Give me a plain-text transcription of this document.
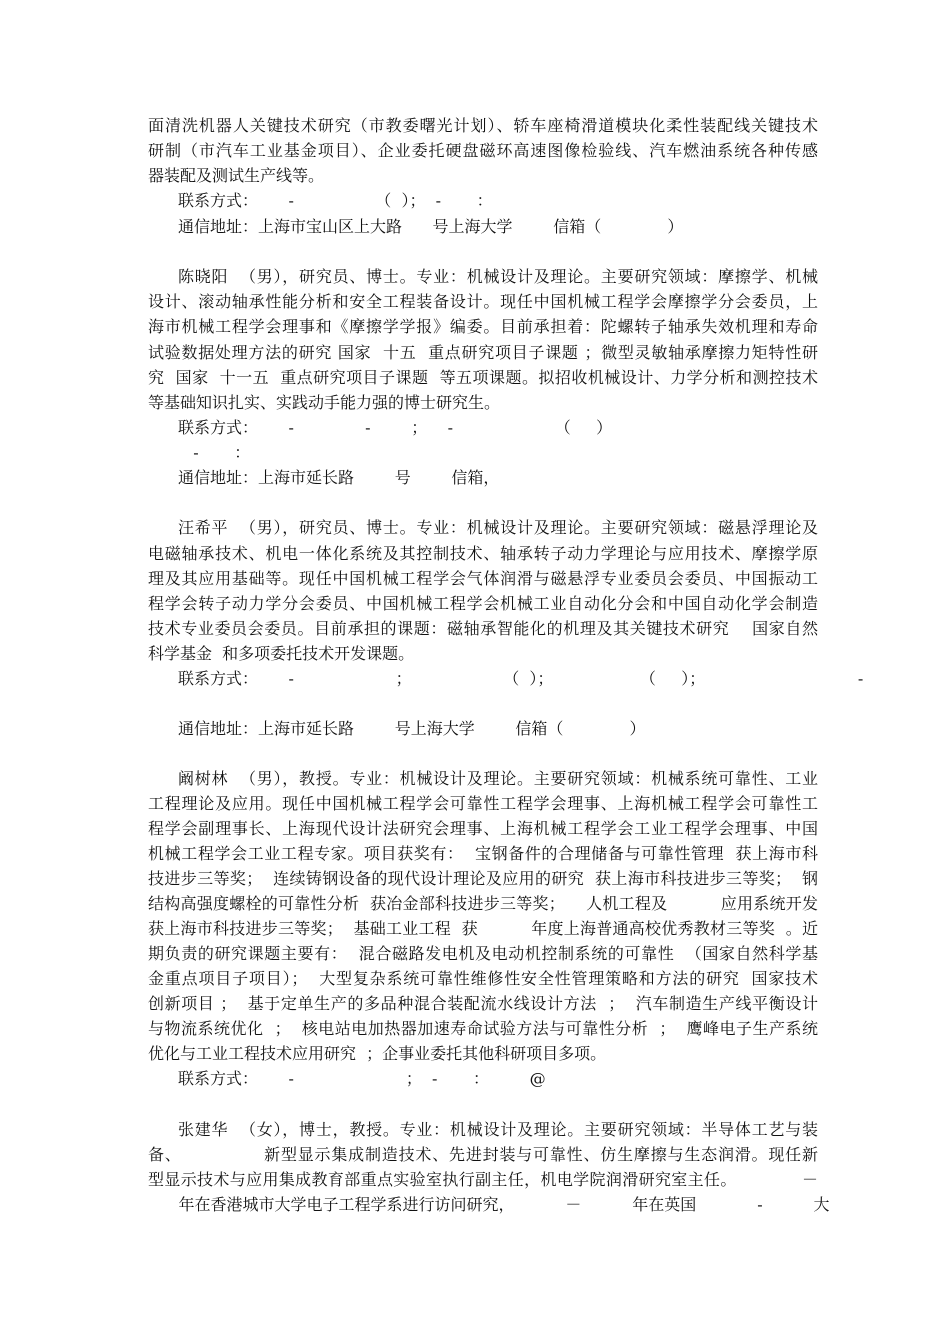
面清洗机器人关键技术研究（市教委曙光计划）、轿车座椅滑道模块化柔性装配线关键技术
研制（市汽车工业基金项目）、企业委托硬盘磁环高速图像检验线、汽车燃油系统各种传感
器装配及测试生产线等。
联系方式：      -                （  ）；  -       ：
通信地址：上海市宝山区上大路      号上海大学        信箱（             ）
陈晓阳  （男），研究员、博士。专业：机械设计及理论。主要研究领域：摩擦学、机械
设计、滚动轴承性能分析和安全工程装备设计。现任中国机械工程学会摩擦学分会委员，上
海市机械工程学会理事和《摩擦学学报》编委。目前承担着：陀螺转子轴承失效机理和寿命
试验数据处理方法的研究 国家  十五  重点研究项目子课题 ；微型灵敏轴承摩擦力矩特性研
究  国家  十一五  重点研究项目子课题  等五项课题。拟招收机械设计、力学分析和测控技术
等基础知识扎实、实践动手能力强的博士研究生。
联系方式：      -              -        ；    -                    （     ）
-       ：
通信地址：上海市延长路        号        信箱，
汪希平  （男），研究员、博士。专业：机械设计及理论。主要研究领域：磁悬浮理论及
电磁轴承技术、机电一体化系统及其控制技术、轴承转子动力学理论与应用技术、摩擦学原
理及其应用基础等。现任中国机械工程学会气体润滑与磁悬浮专业委员会委员、中国振动工
程学会转子动力学分会委员、中国机械工程学会机械工业自动化分会和中国自动化学会制造
技术专业委员会委员。目前承担的课题：磁轴承智能化的机理及其关键技术研究    国家自然
科学基金  和多项委托技术开发课题。
联系方式：      -                    ；                  （  ）；                 （     ）；                              -
通信地址：上海市延长路        号上海大学        信箱（             ）
阚树林  （男），教授。专业：机械设计及理论。主要研究领域：机械系统可靠性、工业
工程理论及应用。现任中国机械工程学会可靠性工程学会理事、上海机械工程学会可靠性工
程学会副理事长、上海现代设计法研究会理事、上海机械工程学会工业工程学会理事、中国
机械工程学会工业工程专家。项目获奖有：  宝钢备件的合理储备与可靠性管理  获上海市科
技进步三等奖；  连续铸钢设备的现代设计理论及应用的研究  获上海市科技进步三等奖；  钢
结构高强度螺栓的可靠性分析  获冶金部科技进步三等奖；    人机工程及          应用系统开发
获上海市科技进步三等奖；  基础工业工程  获          年度上海普通高校优秀教材三等奖  。近
期负责的研究课题主要有：  混合磁路发电机及电动机控制系统的可靠性  （国家自然科学基
金重点项目子项目）；  大型复杂系统可靠性维修性安全性管理策略和方法的研究  国家技术
创新项目 ；  基于定单生产的多品种混合装配流水线设计方法  ；  汽车制造生产线平衡设计
与物流系统优化  ；  核电站电加热器加速寿命试验方法与可靠性分析  ；  鹰峰电子生产系统
优化与工业工程技术应用研究  ；企事业委托其他科研项目多项。
联系方式：      -                      ；  -       ：        @
张建华  （女），博士，教授。专业：机械设计及理论。主要研究领域：半导体工艺与装
备、              新型显示集成制造技术、先进封装与可靠性、仿生摩擦与生态润滑。现任新
型显示技术与应用集成教育部重点实验室执行副主任，机电学院润滑研究室主任。            －
年在香港城市大学电子工程学系进行访问研究，          －          年在英国            -          大
